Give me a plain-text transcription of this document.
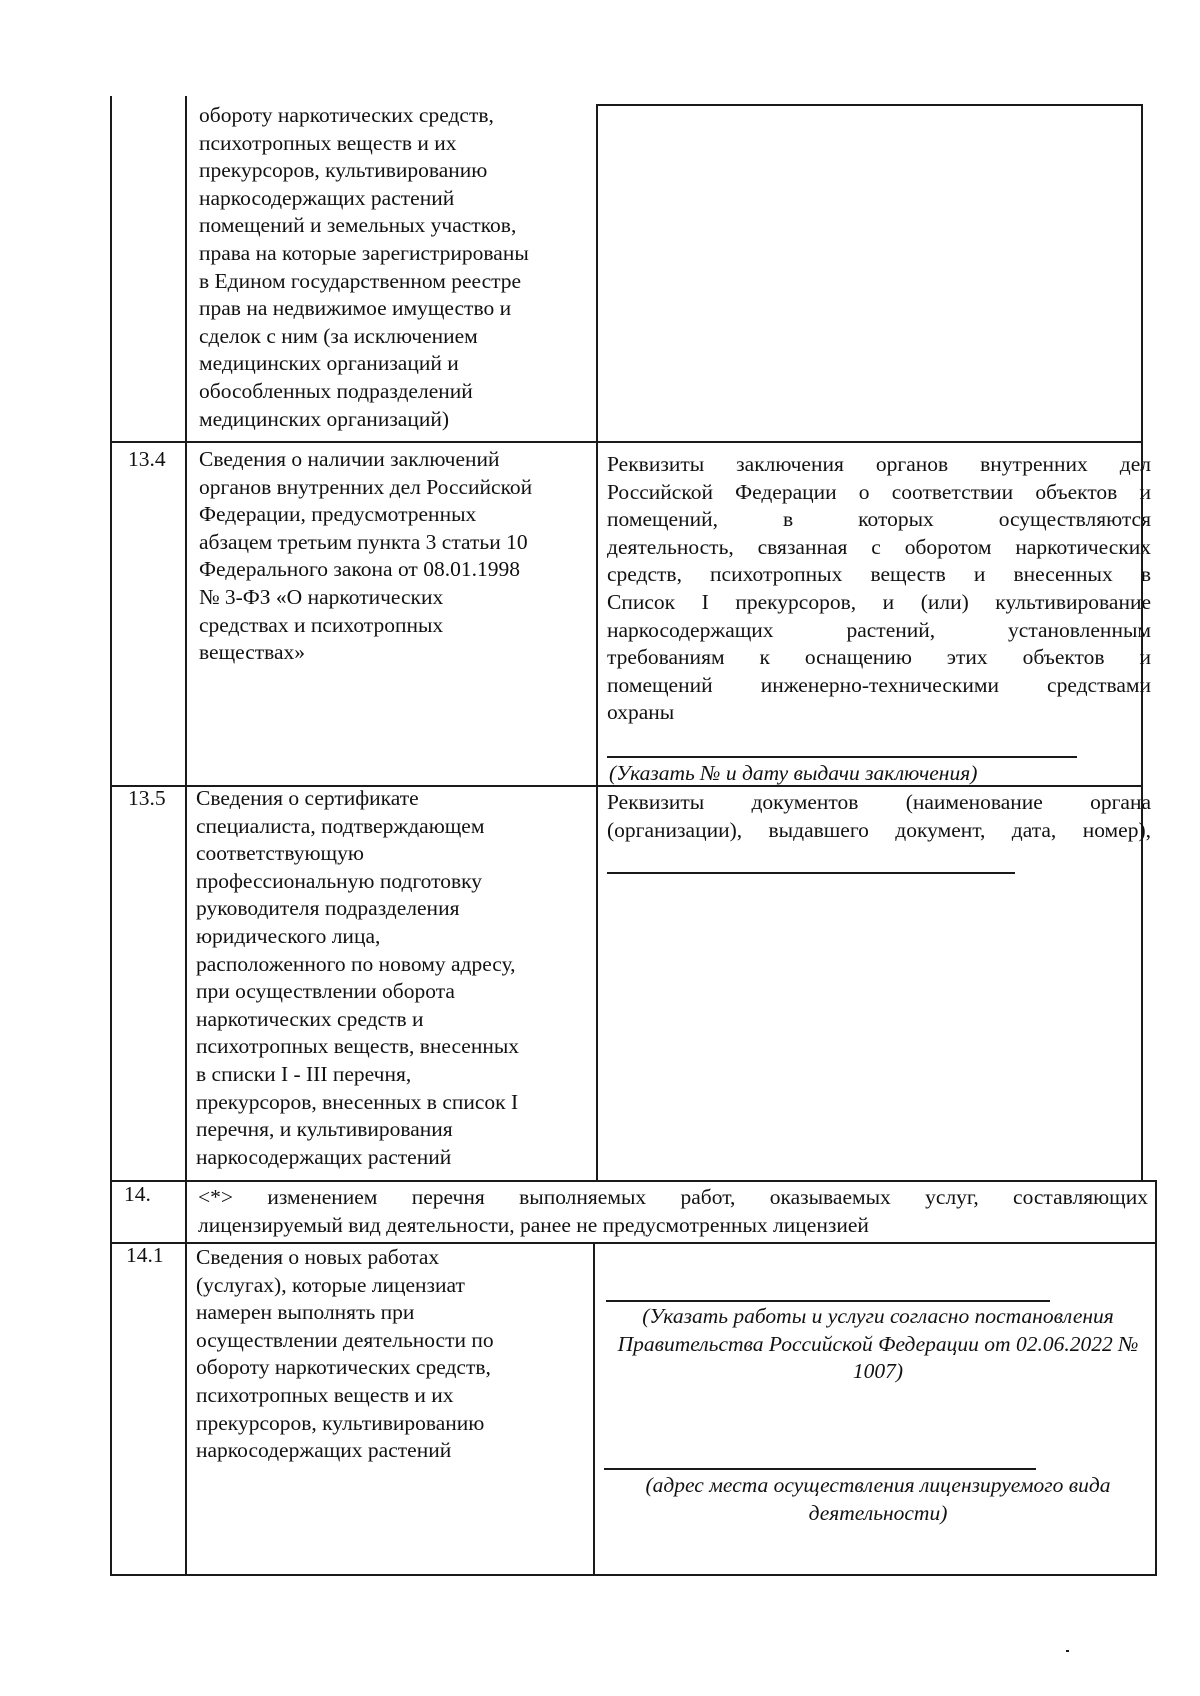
обороту наркотических средств,
психотропных веществ и их
прекурсоров, культивированию
наркосодержащих растений
помещений и земельных участков,
права на которые зарегистрированы
в Едином государственном реестре
прав на недвижимое имущество и
сделок с ним (за исключением
медицинских организаций и
обособленных подразделений
медицинских организаций)
13.4 Сведения о наличии заключений
органов внутренних дел Российской
Федерации, предусмотренных
абзацем третьим пункта 3 статьи 10
Федерального закона от 08.01.1998
№ 3-ФЗ «О наркотических
средствах и психотропных
веществах»
Реквизиты заключения органов внутренних дел
Российской Федерации о соответствии объектов и
помещений, в которых осуществляются
деятельность, связанная с оборотом наркотических
средств, психотропных веществ и внесенных в
Список I прекурсоров, и (или) культивирование
наркосодержащих растений, установленным
требованиям к оснащению этих объектов и
помещений инженерно-техническими средствами
охраны
(Указать № и дату выдачи заключения)
13.5 Сведения о сертификате
специалиста, подтверждающем
соответствующую
профессиональную подготовку
руководителя подразделения
юридического лица,
расположенного по новому адресу,
при осуществлении оборота
наркотических средств и
психотропных веществ, внесенных
в списки I - III перечня,
прекурсоров, внесенных в список I
перечня, и культивирования
наркосодержащих растений
Реквизиты документов (наименование органа
(организации), выдавшего документ, дата, номер),
14. <*> изменением перечня выполняемых работ, оказываемых услуг, составляющих
лицензируемый вид деятельности, ранее не предусмотренных лицензией
14.1 Сведения о новых работах
(услугах), которые лицензиат
намерен выполнять при
осуществлении деятельности по
обороту наркотических средств,
психотропных веществ и их
прекурсоров, культивированию
наркосодержащих растений
(Указать работы и услуги согласно постановления Правительства Российской Федерации от 02.06.2022 № 1007)
(адрес места осуществления лицензируемого вида деятельности)
